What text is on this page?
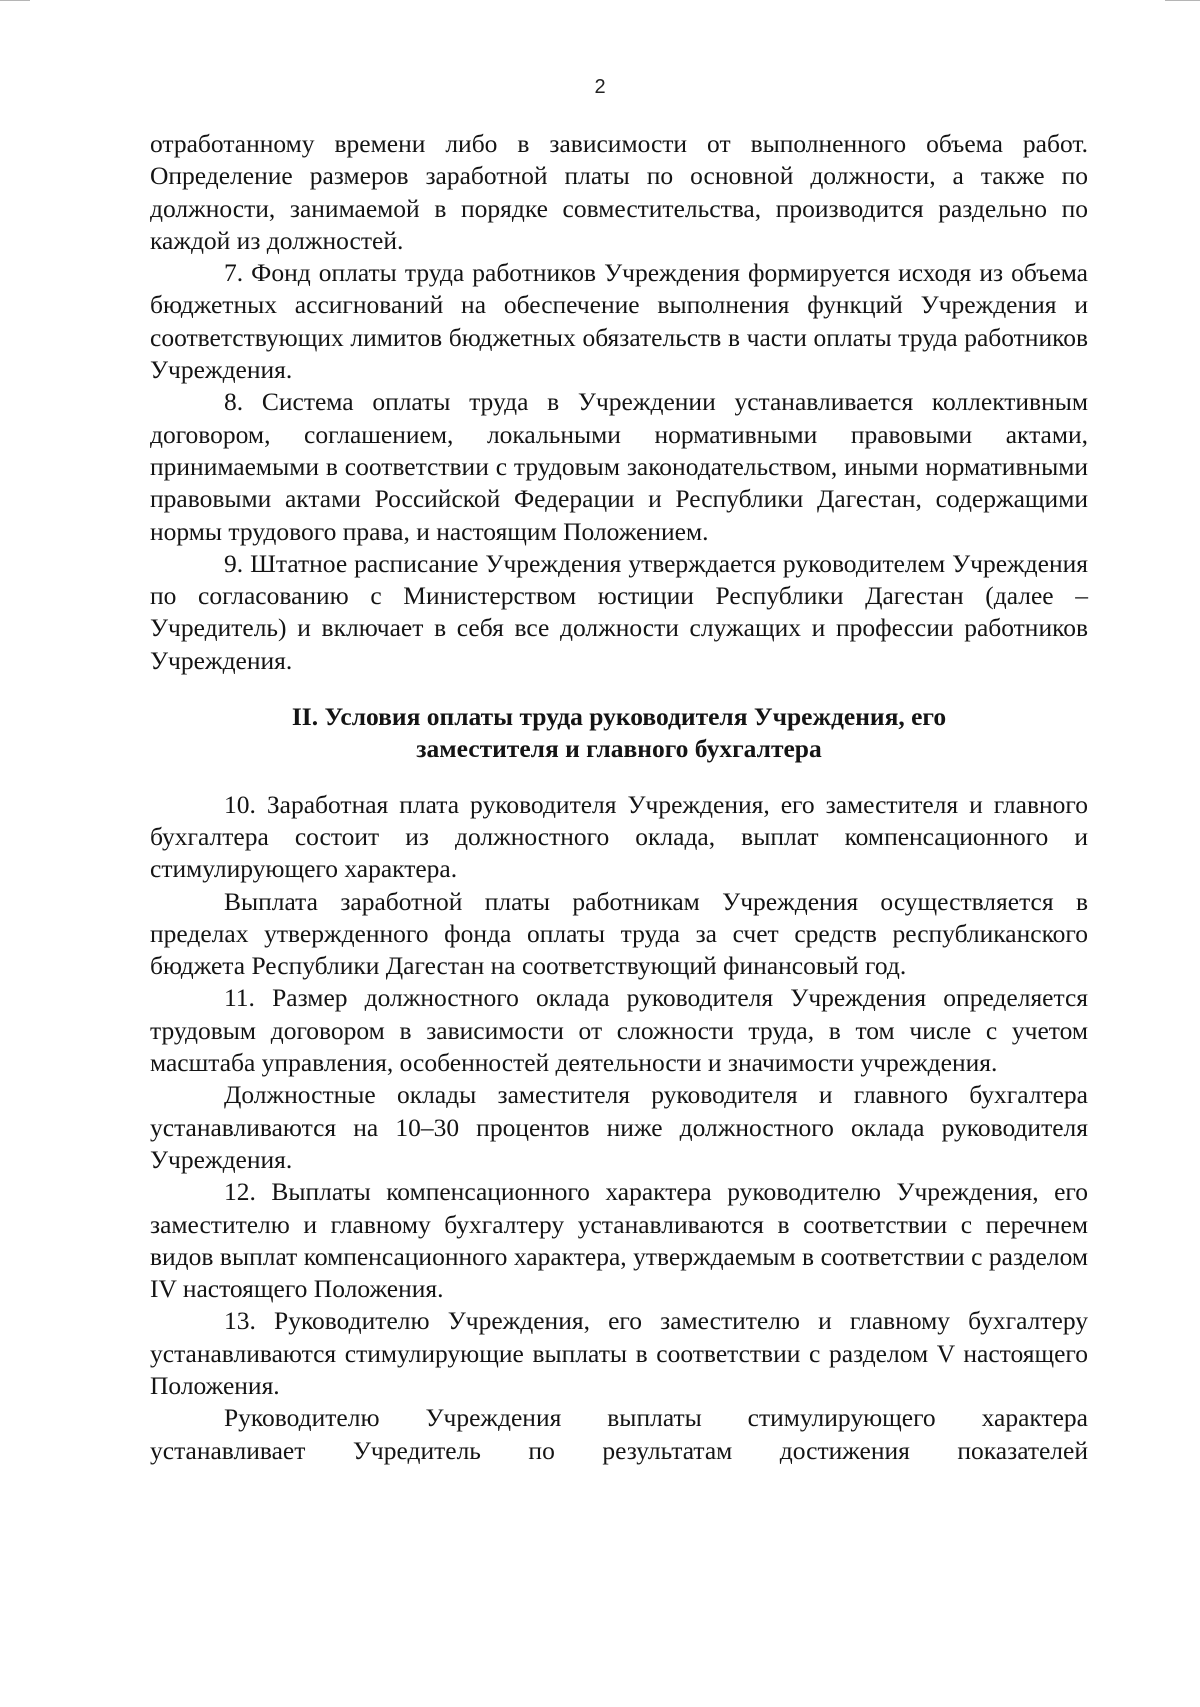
2

отработанному времени либо в зависимости от выполненного объема работ. Определение размеров заработной платы по основной должности, а также по должности, занимаемой в порядке совместительства, производится раздельно по каждой из должностей.

7. Фонд оплаты труда работников Учреждения формируется исходя из объема бюджетных ассигнований на обеспечение выполнения функций Учреждения и соответствующих лимитов бюджетных обязательств в части оплаты труда работников Учреждения.

8. Система оплаты труда в Учреждении устанавливается коллективным договором, соглашением, локальными нормативными правовыми актами, принимаемыми в соответствии с трудовым законодательством, иными нормативными правовыми актами Российской Федерации и Республики Дагестан, содержащими нормы трудового права, и настоящим Положением.

9. Штатное расписание Учреждения утверждается руководителем Учреждения по согласованию с Министерством юстиции Республики Дагестан (далее – Учредитель) и включает в себя все должности служащих и профессии работников Учреждения.

II. Условия оплаты труда руководителя Учреждения, его
заместителя и главного бухгалтера

10. Заработная плата руководителя Учреждения, его заместителя и главного бухгалтера состоит из должностного оклада, выплат компенсационного и стимулирующего характера.

Выплата заработной платы работникам Учреждения осуществляется в пределах утвержденного фонда оплаты труда за счет средств республиканского бюджета Республики Дагестан на соответствующий финансовый год.

11. Размер должностного оклада руководителя Учреждения определяется трудовым договором в зависимости от сложности труда, в том числе с учетом масштаба управления, особенностей деятельности и значимости учреждения.

Должностные оклады заместителя руководителя и главного бухгалтера устанавливаются на 10–30 процентов ниже должностного оклада руководителя Учреждения.

12. Выплаты компенсационного характера руководителю Учреждения, его заместителю и главному бухгалтеру устанавливаются в соответствии с перечнем видов выплат компенсационного характера, утверждаемым в соответствии с разделом IV настоящего Положения.

13. Руководителю Учреждения, его заместителю и главному бухгалтеру устанавливаются стимулирующие выплаты в соответствии с разделом V настоящего Положения.

Руководителю Учреждения выплаты стимулирующего характера устанавливает Учредитель по результатам достижения показателей
